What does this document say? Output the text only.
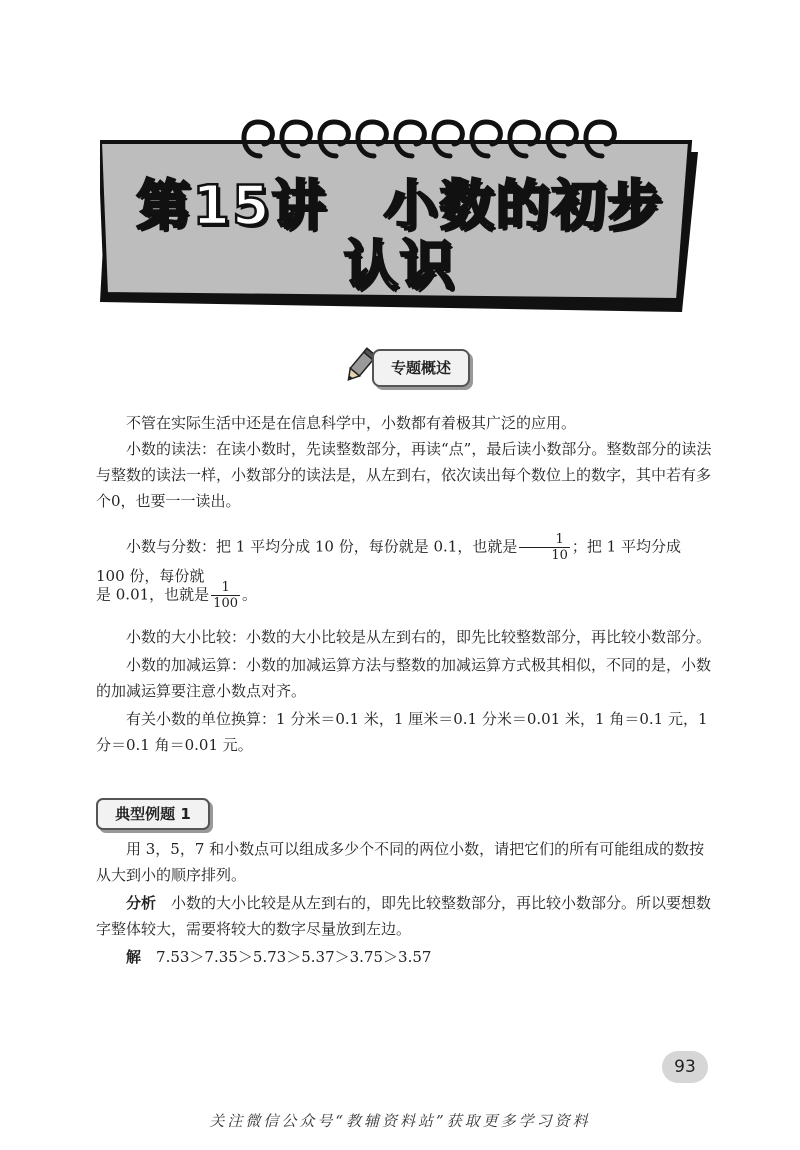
第15讲　小数的初步
认识
专题概述
不管在实际生活中还是在信息科学中，小数都有着极其广泛的应用。
小数的读法：在读小数时，先读整数部分，再读“点”，最后读小数部分。整数部分的读法与整数的读法一样，小数部分的读法是，从左到右，依次读出每个数位上的数字，其中若有多个0，也要一一读出。
小数与分数：把 1 平均分成 10 份，每份就是 0.1，也就是 $\frac{1}{10}$ ；把 1 平均分成 100 份，每份就
是 0.01，也就是 $\frac{1}{100}$ 。
小数的大小比较：小数的大小比较是从左到右的，即先比较整数部分，再比较小数部分。
小数的加减运算：小数的加减运算方法与整数的加减运算方式极其相似，不同的是，小数的加减运算要注意小数点对齐。
有关小数的单位换算：1 分米＝0.1 米，1 厘米＝0.1 分米＝0.01 米，1 角＝0.1 元，1 分＝0.1 角＝0.01 元。
典型例题 1
用 3，5，7 和小数点可以组成多少个不同的两位小数，请把它们的所有可能组成的数按从大到小的顺序排列。
分析　 小数的大小比较是从左到右的，即先比较整数部分，再比较小数部分。所以要想数字整体较大，需要将较大的数字尽量放到左边。
解　 7.53＞7.35＞5.73＞5.37＞3.75＞3.57
93
关注微信公众号“教辅资料站”获取更多学习资料
